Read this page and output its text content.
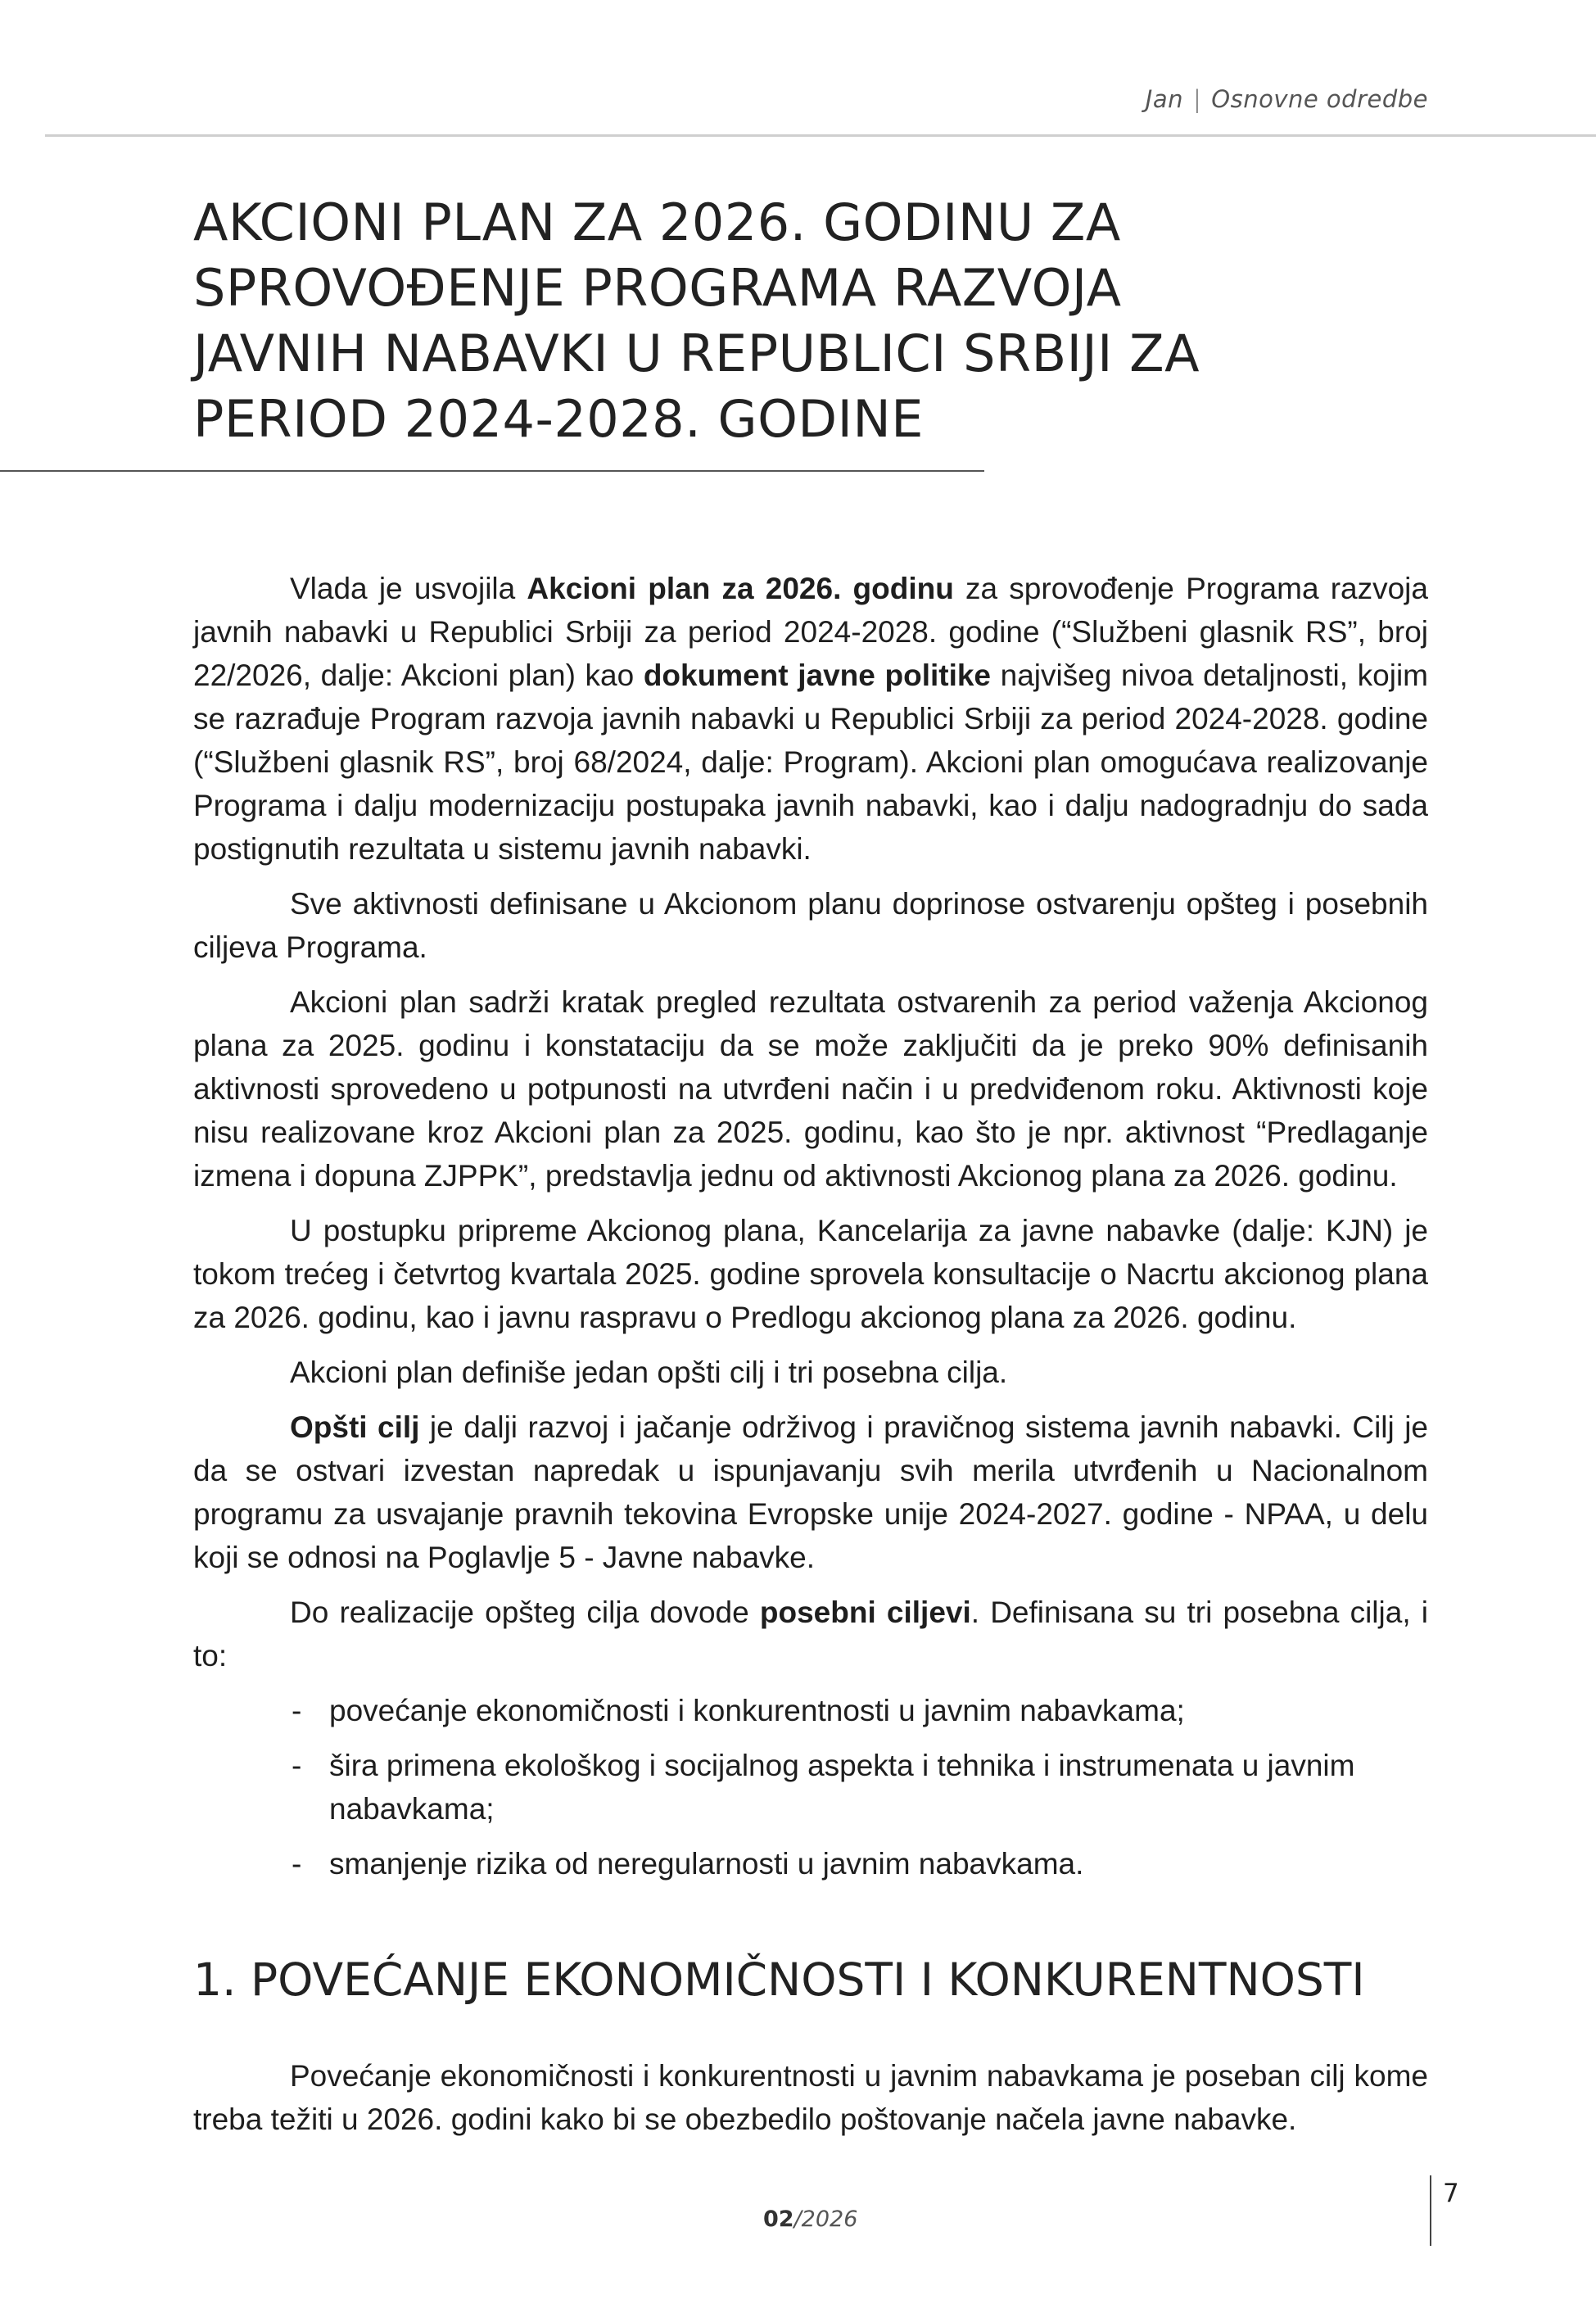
Jan | Osnovne odredbe
AKCIONI PLAN ZA 2026. GODINU ZA SPROVOĐENJE PROGRAMA RAZVOJA JAVNIH NABAVKI U REPUBLICI SRBIJI ZA PERIOD 2024-2028. GODINE

Vlada je usvojila Akcioni plan za 2026. godinu za sprovođenje Programa razvoja javnih nabavki u Republici Srbiji za period 2024-2028. godine (“Službeni glasnik RS”, broj 22/2026, dalje: Akcioni plan) kao dokument javne politike najvišeg nivoa detaljnosti, kojim se razrađuje Program razvoja javnih nabavki u Republici Srbiji za period 2024-2028. godine (“Službeni glasnik RS”, broj 68/2024, dalje: Program). Akcioni plan omogućava realizovanje Programa i dalju modernizaciju postupaka javnih nabavki, kao i dalju nadogradnju do sada postignutih rezultata u sistemu javnih nabavki.

Sve aktivnosti definisane u Akcionom planu doprinose ostvarenju opšteg i posebnih ciljeva Programa.

Akcioni plan sadrži kratak pregled rezultata ostvarenih za period važenja Akcionog plana za 2025. godinu i konstataciju da se može zaključiti da je preko 90% definisanih aktivnosti sprovedeno u potpunosti na utvrđeni način i u predviđenom roku. Aktivnosti koje nisu realizovane kroz Akcioni plan za 2025. godinu, kao što je npr. aktivnost “Predlaganje izmena i dopuna ZJPPK”, predstavlja jednu od aktivnosti Akcionog plana za 2026. godinu.

U postupku pripreme Akcionog plana, Kancelarija za javne nabavke (dalje: KJN) je tokom trećeg i četvrtog kvartala 2025. godine sprovela konsultacije o Nacrtu akcionog plana za 2026. godinu, kao i javnu raspravu o Predlogu akcionog plana za 2026. godinu.

Akcioni plan definiše jedan opšti cilj i tri posebna cilja.

Opšti cilj je dalji razvoj i jačanje održivog i pravičnog sistema javnih nabavki. Cilj je da se ostvari izvestan napredak u ispunjavanju svih merila utvrđenih u Nacionalnom programu za usvajanje pravnih tekovina Evropske unije 2024-2027. godine - NPAA, u delu koji se odnosi na Poglavlje 5 - Javne nabavke.

Do realizacije opšteg cilja dovode posebni ciljevi. Definisana su tri posebna cilja, i to:

- povećanje ekonomičnosti i konkurentnosti u javnim nabavkama;
- šira primena ekološkog i socijalnog aspekta i tehnika i instrumenata u javnim nabavkama;
- smanjenje rizika od neregularnosti u javnim nabavkama.
1. POVEĆANJE EKONOMIČNOSTI I KONKURENTNOSTI

Povećanje ekonomičnosti i konkurentnosti u javnim nabavkama je poseban cilj kome treba težiti u 2026. godini kako bi se obezbedilo poštovanje načela javne nabavke.

02/2026
7
